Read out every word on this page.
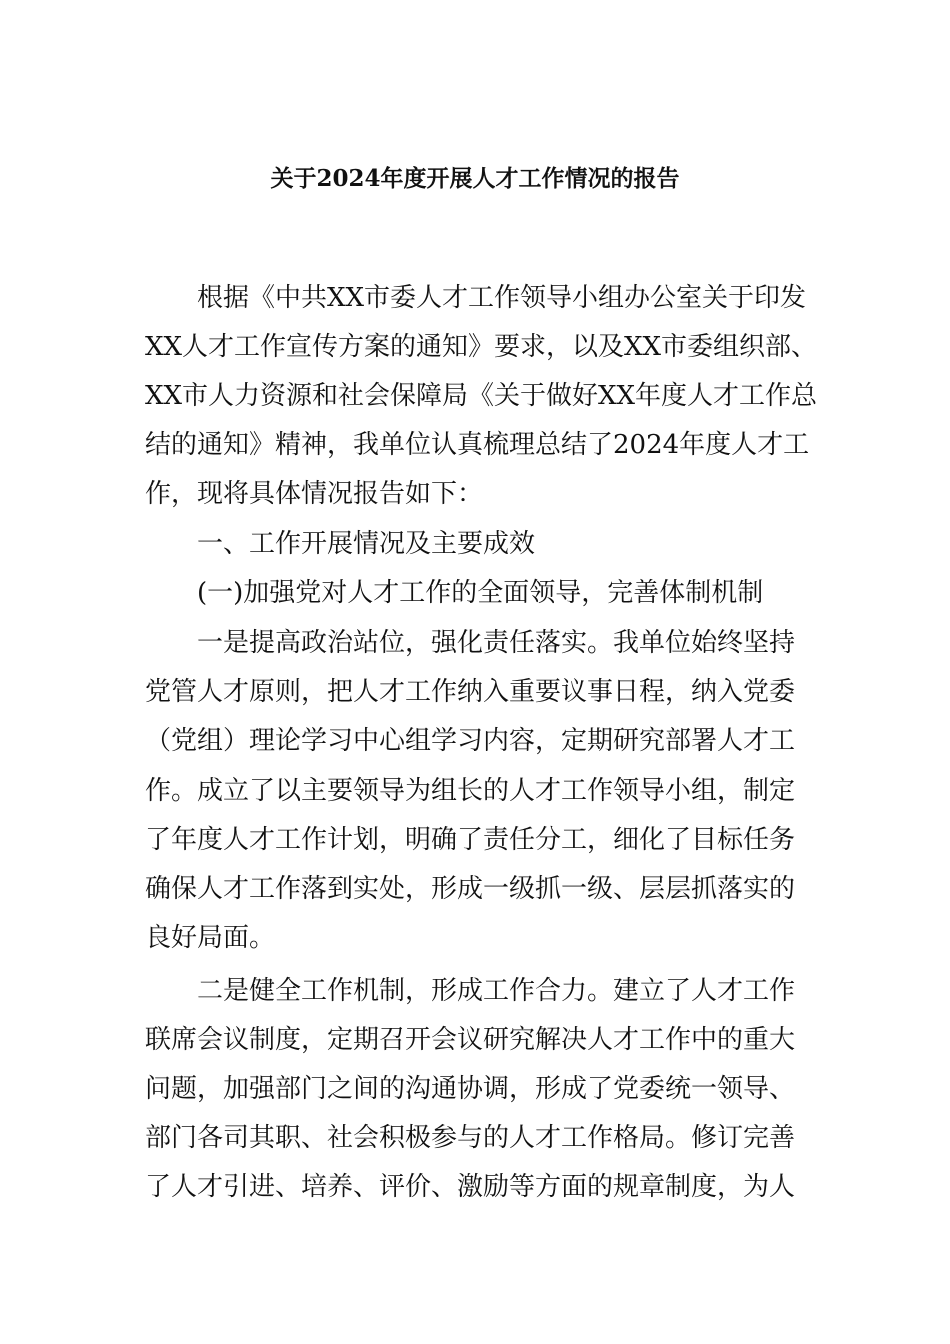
关于2024年度开展人才工作情况的报告

根据《中共XX市委人才工作领导小组办公室关于印发

XX人才工作宣传方案的通知》要求，以及XX市委组织部、

XX市人力资源和社会保障局《关于做好XX年度人才工作总

结的通知》精神，我单位认真梳理总结了2024年度人才工

作，现将具体情况报告如下：

一、工作开展情况及主要成效

(一)加强党对人才工作的全面领导，完善体制机制

一是提高政治站位，强化责任落实。我单位始终坚持

党管人才原则，把人才工作纳入重要议事日程，纳入党委

（党组）理论学习中心组学习内容，定期研究部署人才工

作。成立了以主要领导为组长的人才工作领导小组，制定

了年度人才工作计划，明确了责任分工，细化了目标任务

确保人才工作落到实处，形成一级抓一级、层层抓落实的

良好局面。

二是健全工作机制，形成工作合力。建立了人才工作

联席会议制度，定期召开会议研究解决人才工作中的重大

问题，加强部门之间的沟通协调，形成了党委统一领导、

部门各司其职、社会积极参与的人才工作格局。修订完善

了人才引进、培养、评价、激励等方面的规章制度，为人
